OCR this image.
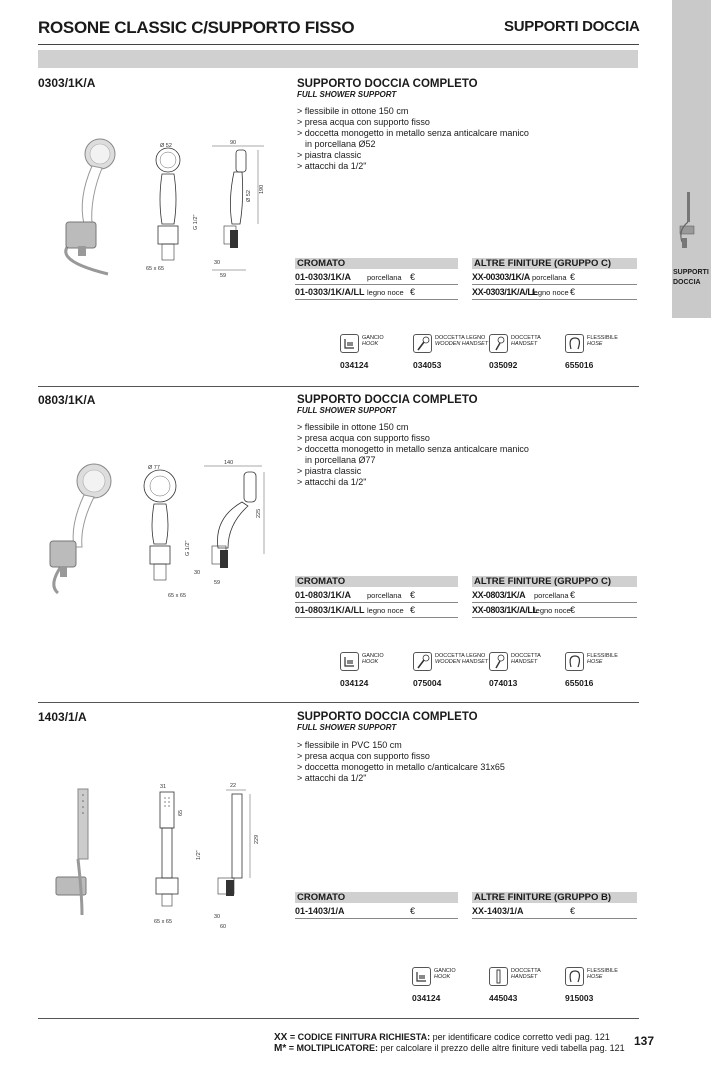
ROSONE CLASSIC C/SUPPORTO FISSO	SUPPORTI DOCCIA
SUPPORTI
DOCCIA
0303/1K/A
Ø 52
65 x 65
G 1/2"
90
Ø 52
190
30
59
SUPPORTO DOCCIA COMPLETO
FULL SHOWER SUPPORT
> flessibile in ottone 150 cm
> presa acqua con supporto fisso
> doccetta monogetto in metallo senza anticalcare manico
in porcellana Ø52
> piastra classic
> attacchi da 1/2"
CROMATO	ALTRE FINITURE (GRUPPO C)
01-0303/1K/A porcellana €
01-0303/1K/A/LL legno noce €
XX-00303/1K/A porcellana €
XX-0303/1K/A/LL
legno noce €
GANCIO
HOOK
034124
DOCCETTA LEGNO
WOODEN HANDSET
034053
DOCCETTA
HANDSET
035092
FLESSIBILE
HOSE
655016
0803/1K/A
Ø 77
65 x 65
G 1/2"
140
225
30
59
SUPPORTO DOCCIA COMPLETO
FULL SHOWER SUPPORT
> flessibile in ottone 150 cm
> presa acqua con supporto fisso
> doccetta monogetto in metallo senza anticalcare manico
in porcellana Ø77
> piastra classic
> attacchi da 1/2"
CROMATO	ALTRE FINITURE (GRUPPO C)
01-0803/1K/A porcellana €
01-0803/1K/A/LL legno noce €
XX-0803/1K/A porcellana €
XX-0803/1K/A/LL
legno noce €
GANCIO
HOOK
034124
DOCCETTA LEGNO
WOODEN HANDSET
075004
DOCCETTA
HANDSET
074013
FLESSIBILE
HOSE
655016
1403/1/A
31
65
1/2"
65 x 65
22
229
30
60
SUPPORTO DOCCIA COMPLETO
FULL SHOWER SUPPORT
> flessibile in PVC 150 cm
> presa acqua con supporto fisso
> doccetta monogetto in metallo c/anticalcare 31x65
> attacchi da 1/2"
CROMATO	ALTRE FINITURE (GRUPPO B)
01-1403/1/A	€	XX-1403/1/A	€
GANCIO
HOOK
034124
DOCCETTA
HANDSET
445043
FLESSIBILE
HOSE
915003
XX = CODICE FINITURA RICHIESTA: per identificare codice corretto vedi pag. 121
M* = MOLTIPLICATORE: per calcolare il prezzo delle altre finiture vedi tabella pag. 121 137
